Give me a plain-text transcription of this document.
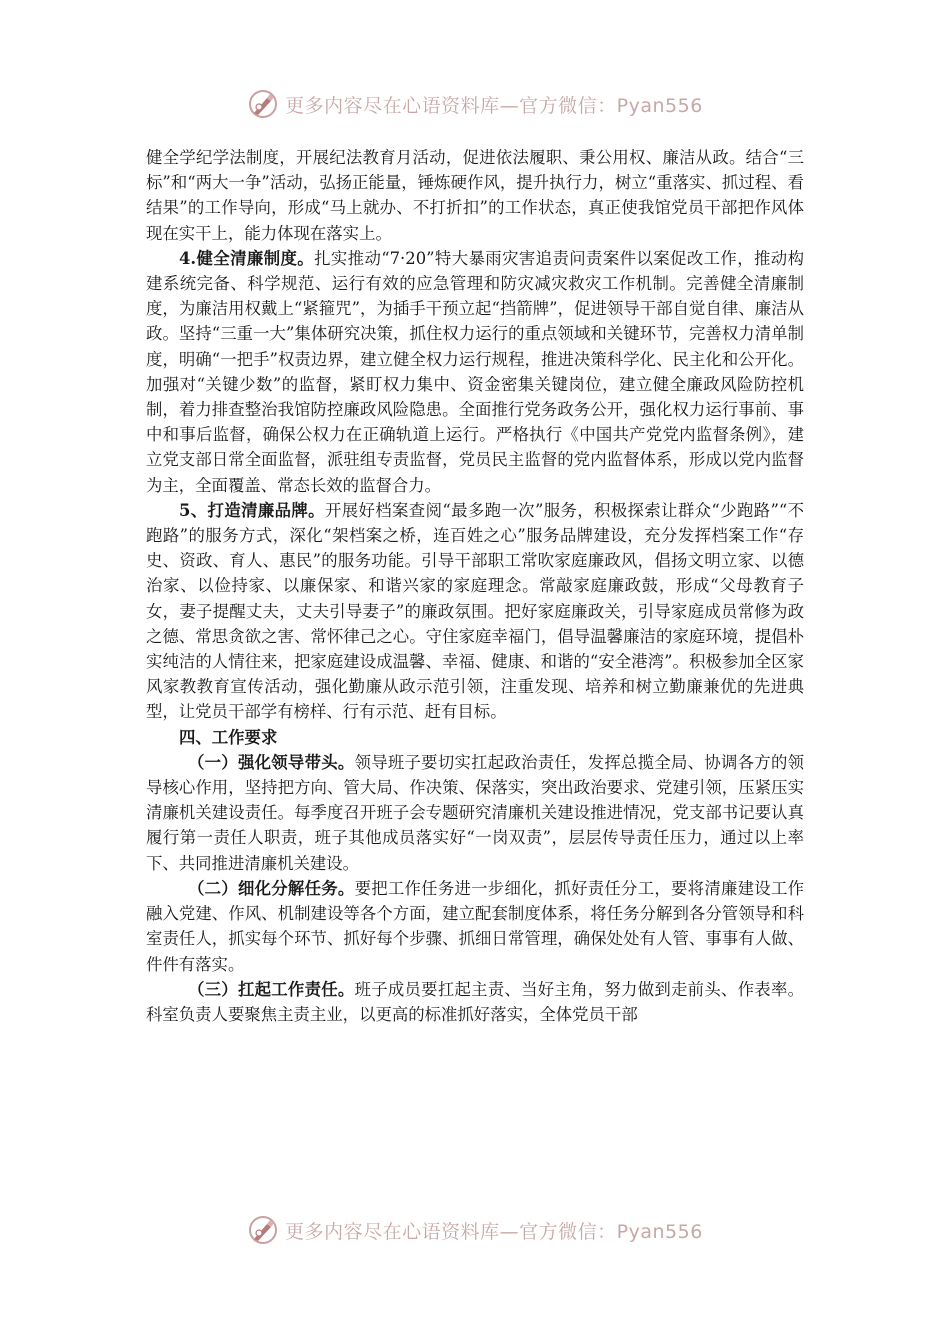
更多内容尽在心语资料库—官方微信：Pyan556

健全学纪学法制度，开展纪法教育月活动，促进依法履职、秉公用权、廉洁从政。结合“三标”和“两大一争”活动，弘扬正能量，锤炼硬作风，提升执行力，树立“重落实、抓过程、看结果”的工作导向，形成“马上就办、不打折扣”的工作状态，真正使我馆党员干部把作风体现在实干上，能力体现在落实上。

4.健全清廉制度。扎实推动“7·20”特大暴雨灾害追责问责案件以案促改工作，推动构建系统完备、科学规范、运行有效的应急管理和防灾减灾救灾工作机制。完善健全清廉制度，为廉洁用权戴上“紧箍咒”，为插手干预立起“挡箭牌”，促进领导干部自觉自律、廉洁从政。坚持“三重一大”集体研究决策，抓住权力运行的重点领域和关键环节，完善权力清单制度，明确“一把手”权责边界，建立健全权力运行规程，推进决策科学化、民主化和公开化。加强对“关键少数”的监督，紧盯权力集中、资金密集关键岗位，建立健全廉政风险防控机制，着力排查整治我馆防控廉政风险隐患。全面推行党务政务公开，强化权力运行事前、事中和事后监督，确保公权力在正确轨道上运行。严格执行《中国共产党党内监督条例》，建立党支部日常全面监督，派驻组专责监督，党员民主监督的党内监督体系，形成以党内监督为主，全面覆盖、常态长效的监督合力。

5、打造清廉品牌。开展好档案查阅“最多跑一次”服务，积极探索让群众“少跑路”“不跑路”的服务方式，深化“架档案之桥，连百姓之心”服务品牌建设，充分发挥档案工作“存史、资政、育人、惠民”的服务功能。引导干部职工常吹家庭廉政风，倡扬文明立家、以德治家、以俭持家、以廉保家、和谐兴家的家庭理念。常敲家庭廉政鼓，形成“父母教育子女，妻子提醒丈夫，丈夫引导妻子”的廉政氛围。把好家庭廉政关，引导家庭成员常修为政之德、常思贪欲之害、常怀律己之心。守住家庭幸福门，倡导温馨廉洁的家庭环境，提倡朴实纯洁的人情往来，把家庭建设成温馨、幸福、健康、和谐的“安全港湾”。积极参加全区家风家教教育宣传活动，强化勤廉从政示范引领，注重发现、培养和树立勤廉兼优的先进典型，让党员干部学有榜样、行有示范、赶有目标。

四、工作要求

（一）强化领导带头。领导班子要切实扛起政治责任，发挥总揽全局、协调各方的领导核心作用，坚持把方向、管大局、作决策、保落实，突出政治要求、党建引领，压紧压实清廉机关建设责任。每季度召开班子会专题研究清廉机关建设推进情况，党支部书记要认真履行第一责任人职责，班子其他成员落实好“一岗双责”，层层传导责任压力，通过以上率下、共同推进清廉机关建设。

（二）细化分解任务。要把工作任务进一步细化，抓好责任分工，要将清廉建设工作融入党建、作风、机制建设等各个方面，建立配套制度体系，将任务分解到各分管领导和科室责任人，抓实每个环节、抓好每个步骤、抓细日常管理，确保处处有人管、事事有人做、件件有落实。

（三）扛起工作责任。班子成员要扛起主责、当好主角，努力做到走前头、作表率。科室负责人要聚焦主责主业，以更高的标准抓好落实，全体党员干部

更多内容尽在心语资料库—官方微信：Pyan556
